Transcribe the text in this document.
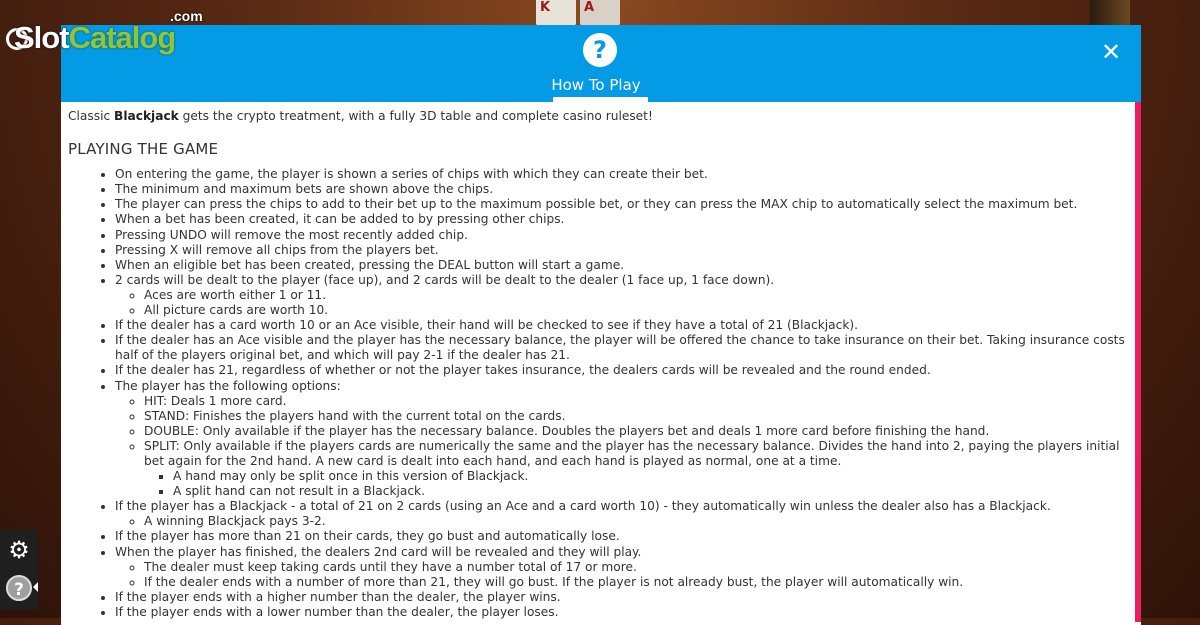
K	A
SlotCatalog
.com
?
How To Play
✕

Classic Blackjack gets the crypto treatment, with a fully 3D table and complete casino ruleset!

PLAYING THE GAME
• On entering the game, the player is shown a series of chips with which they can create their bet.
• The minimum and maximum bets are shown above the chips.
• The player can press the chips to add to their bet up to the maximum possible bet, or they can press the MAX chip to automatically select the maximum bet.
• When a bet has been created, it can be added to by pressing other chips.
• Pressing UNDO will remove the most recently added chip.
• Pressing X will remove all chips from the players bet.
• When an eligible bet has been created, pressing the DEAL button will start a game.
• 2 cards will be dealt to the player (face up), and 2 cards will be dealt to the dealer (1 face up, 1 face down).
◦ Aces are worth either 1 or 11.
◦ All picture cards are worth 10.
• If the dealer has a card worth 10 or an Ace visible, their hand will be checked to see if they have a total of 21 (Blackjack).
• If the dealer has an Ace visible and the player has the necessary balance, the player will be offered the chance to take insurance on their bet. Taking insurance costs half of the players original bet, and which will pay 2-1 if the dealer has 21.
• If the dealer has 21, regardless of whether or not the player takes insurance, the dealers cards will be revealed and the round ended.
• The player has the following options:
◦ HIT: Deals 1 more card.
◦ STAND: Finishes the players hand with the current total on the cards.
◦ DOUBLE: Only available if the player has the necessary balance. Doubles the players bet and deals 1 more card before finishing the hand.
◦ SPLIT: Only available if the players cards are numerically the same and the player has the necessary balance. Divides the hand into 2, paying the players initial bet again for the 2nd hand. A new card is dealt into each hand, and each hand is played as normal, one at a time.
▪ A hand may only be split once in this version of Blackjack.
▪ A split hand can not result in a Blackjack.
• If the player has a Blackjack - a total of 21 on 2 cards (using an Ace and a card worth 10) - they automatically win unless the dealer also has a Blackjack.
◦ A winning Blackjack pays 3-2.
• If the player has more than 21 on their cards, they go bust and automatically lose.
• When the player has finished, the dealers 2nd card will be revealed and they will play.
◦ The dealer must keep taking cards until they have a number total of 17 or more.
◦ If the dealer ends with a number of more than 21, they will go bust. If the player is not already bust, the player will automatically win.
• If the player ends with a higher number than the dealer, the player wins.
• If the player ends with a lower number than the dealer, the player loses.
⚙
?
